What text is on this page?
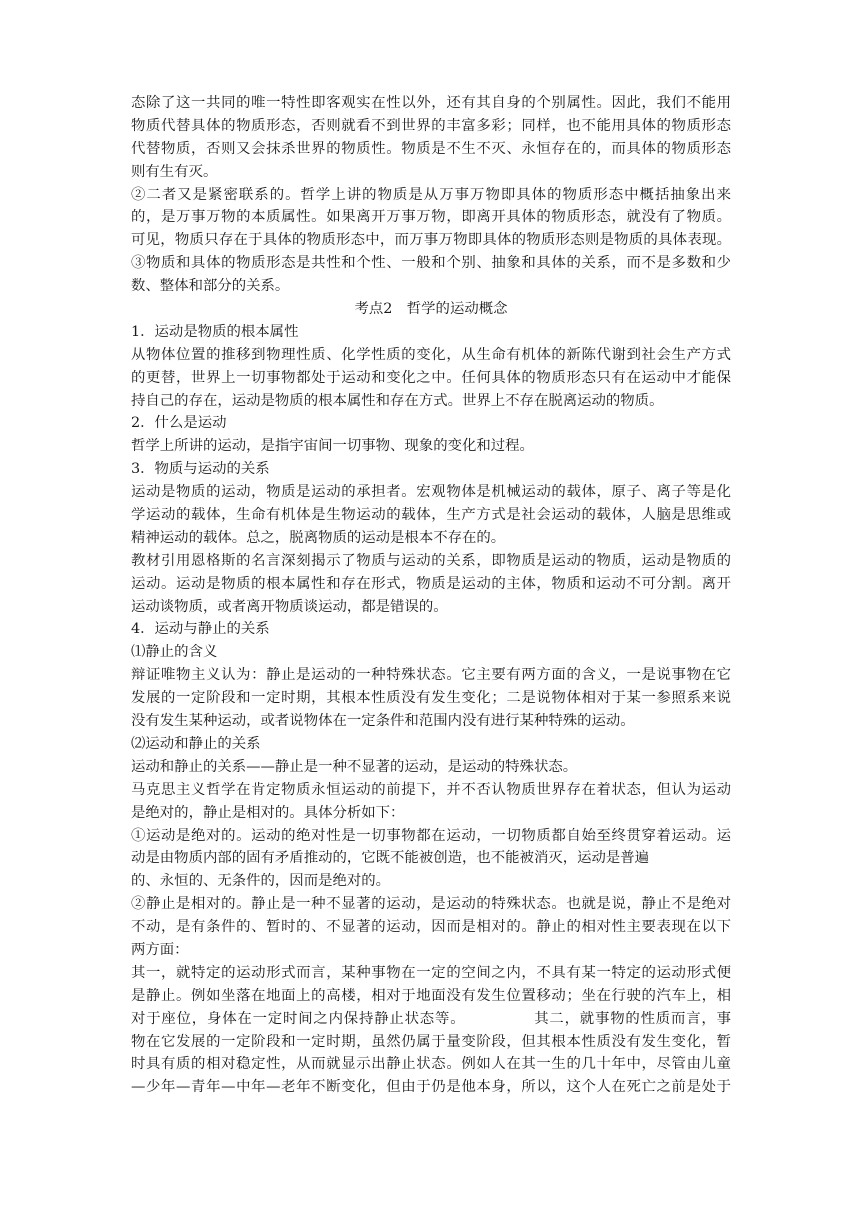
态除了这一共同的唯一特性即客观实在性以外，还有其自身的个别属性。因此，我们不能用
物质代替具体的物质形态，否则就看不到世界的丰富多彩；同样，也不能用具体的物质形态
代替物质，否则又会抹杀世界的物质性。物质是不生不灭、永恒存在的，而具体的物质形态
则有生有灭。
②二者又是紧密联系的。哲学上讲的物质是从万事万物即具体的物质形态中概括抽象出来
的，是万事万物的本质属性。如果离开万事万物，即离开具体的物质形态，就没有了物质。
可见，物质只存在于具体的物质形态中，而万事万物即具体的物质形态则是物质的具体表现。
③物质和具体的物质形态是共性和个性、一般和个别、抽象和具体的关系，而不是多数和少
数、整体和部分的关系。
考点2　哲学的运动概念
1．运动是物质的根本属性
从物体位置的推移到物理性质、化学性质的变化，从生命有机体的新陈代谢到社会生产方式
的更替，世界上一切事物都处于运动和变化之中。任何具体的物质形态只有在运动中才能保
持自己的存在，运动是物质的根本属性和存在方式。世界上不存在脱离运动的物质。
2．什么是运动
哲学上所讲的运动，是指宇宙间一切事物、现象的变化和过程。
3．物质与运动的关系
运动是物质的运动，物质是运动的承担者。宏观物体是机械运动的载体，原子、离子等是化
学运动的载体，生命有机体是生物运动的载体，生产方式是社会运动的载体，人脑是思维或
精神运动的载体。总之，脱离物质的运动是根本不存在的。
教材引用恩格斯的名言深刻揭示了物质与运动的关系，即物质是运动的物质，运动是物质的
运动。运动是物质的根本属性和存在形式，物质是运动的主体，物质和运动不可分割。离开
运动谈物质，或者离开物质谈运动，都是错误的。
4．运动与静止的关系
⑴静止的含义
辩证唯物主义认为：静止是运动的一种特殊状态。它主要有两方面的含义，一是说事物在它
发展的一定阶段和一定时期，其根本性质没有发生变化；二是说物体相对于某一参照系来说
没有发生某种运动，或者说物体在一定条件和范围内没有进行某种特殊的运动。
⑵运动和静止的关系
运动和静止的关系——静止是一种不显著的运动，是运动的特殊状态。
马克思主义哲学在肯定物质永恒运动的前提下，并不否认物质世界存在着状态，但认为运动
是绝对的，静止是相对的。具体分析如下：
①运动是绝对的。运动的绝对性是一切事物都在运动，一切物质都自始至终贯穿着运动。运
动是由物质内部的固有矛盾推动的，它既不能被创造，也不能被消灭，运动是普遍
的、永恒的、无条件的，因而是绝对的。
②静止是相对的。静止是一种不显著的运动，是运动的特殊状态。也就是说，静止不是绝对
不动，是有条件的、暂时的、不显著的运动，因而是相对的。静止的相对性主要表现在以下
两方面：
其一，就特定的运动形式而言，某种事物在一定的空间之内，不具有某一特定的运动形式便
是静止。例如坐落在地面上的高楼，相对于地面没有发生位置移动；坐在行驶的汽车上，相
对于座位，身体在一定时间之内保持静止状态等。　　　　　其二，就事物的性质而言，事
物在它发展的一定阶段和一定时期，虽然仍属于量变阶段，但其根本性质没有发生变化，暂
时具有质的相对稳定性，从而就显示出静止状态。例如人在其一生的几十年中，尽管由儿童
—少年—青年—中年—老年不断变化，但由于仍是他本身，所以，这个人在死亡之前是处于
